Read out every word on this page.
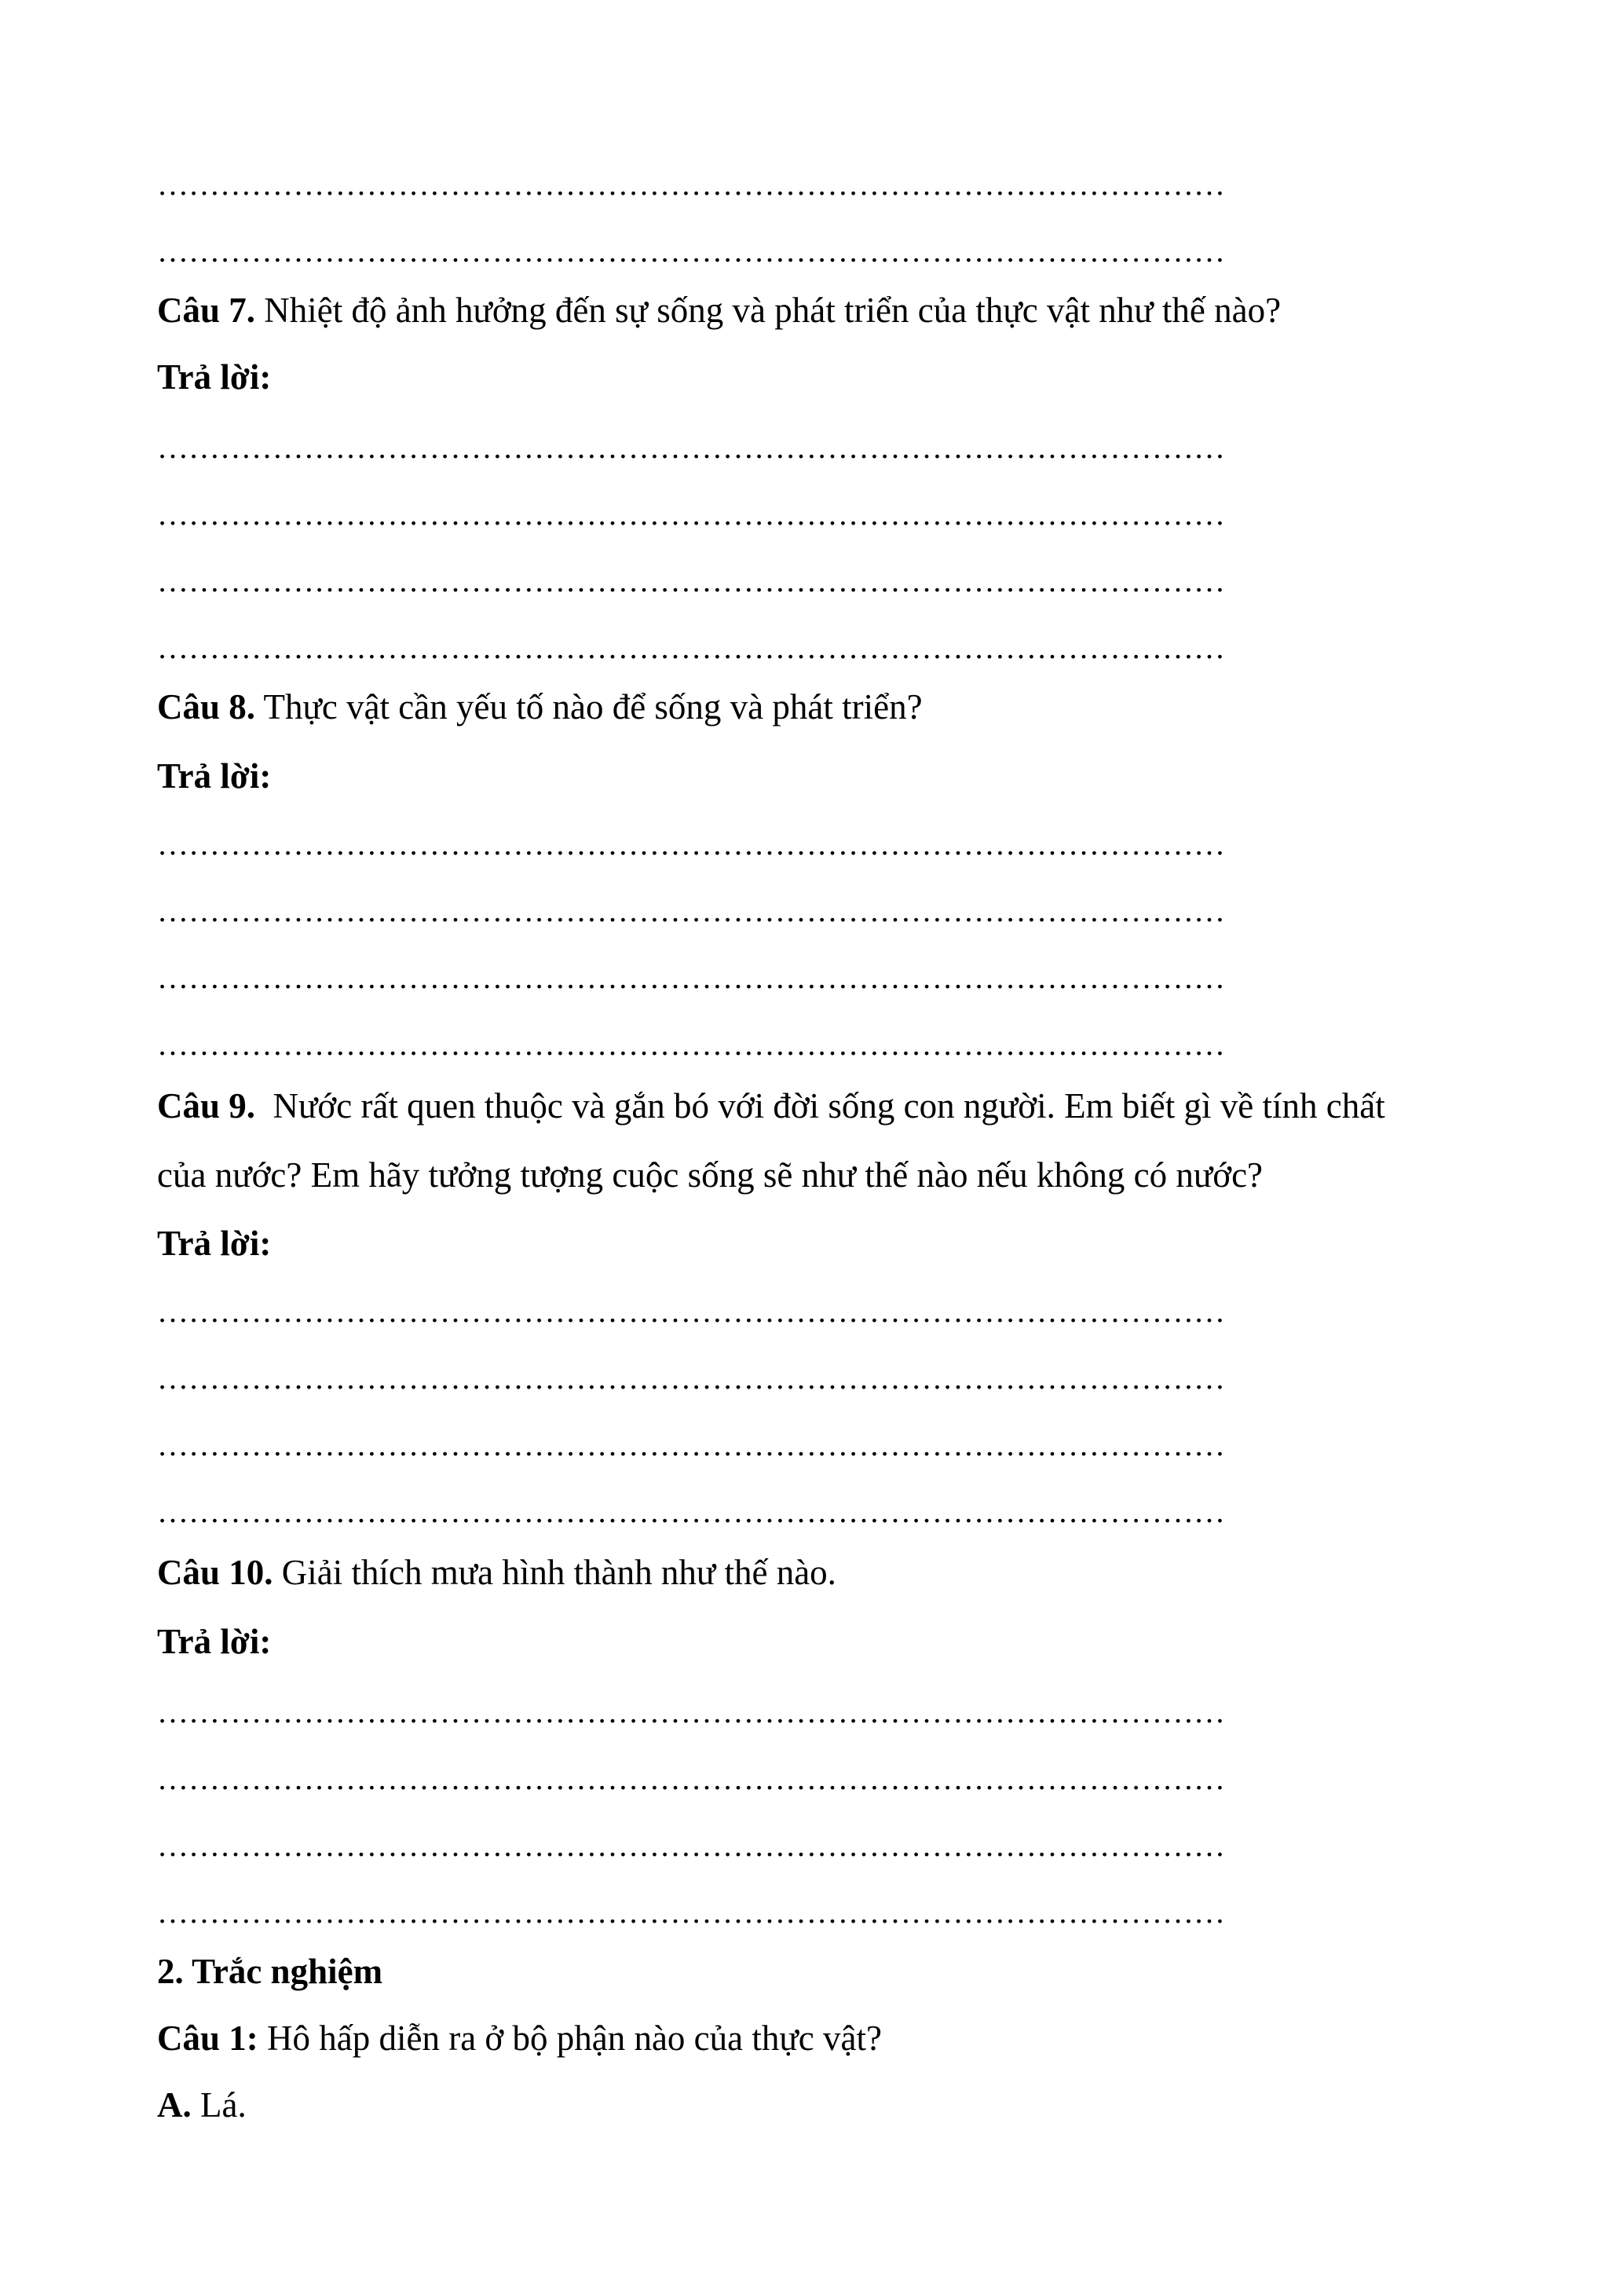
…………………………………………………………………………………………
…………………………………………………………………………………………
Câu 7. Nhiệt độ ảnh hưởng đến sự sống và phát triển của thực vật như thế nào?
Trả lời:
…………………………………………………………………………………………
…………………………………………………………………………………………
…………………………………………………………………………………………
…………………………………………………………………………………………
Câu 8. Thực vật cần yếu tố nào để sống và phát triển?
Trả lời:
…………………………………………………………………………………………
…………………………………………………………………………………………
…………………………………………………………………………………………
…………………………………………………………………………………………
Câu 9.  Nước rất quen thuộc và gắn bó với đời sống con người. Em biết gì về tính chất
của nước? Em hãy tưởng tượng cuộc sống sẽ như thế nào nếu không có nước?
Trả lời:
…………………………………………………………………………………………
…………………………………………………………………………………………
…………………………………………………………………………………………
…………………………………………………………………………………………
Câu 10. Giải thích mưa hình thành như thế nào.
Trả lời:
…………………………………………………………………………………………
…………………………………………………………………………………………
…………………………………………………………………………………………
…………………………………………………………………………………………
2. Trắc nghiệm
Câu 1: Hô hấp diễn ra ở bộ phận nào của thực vật?
A. Lá.
